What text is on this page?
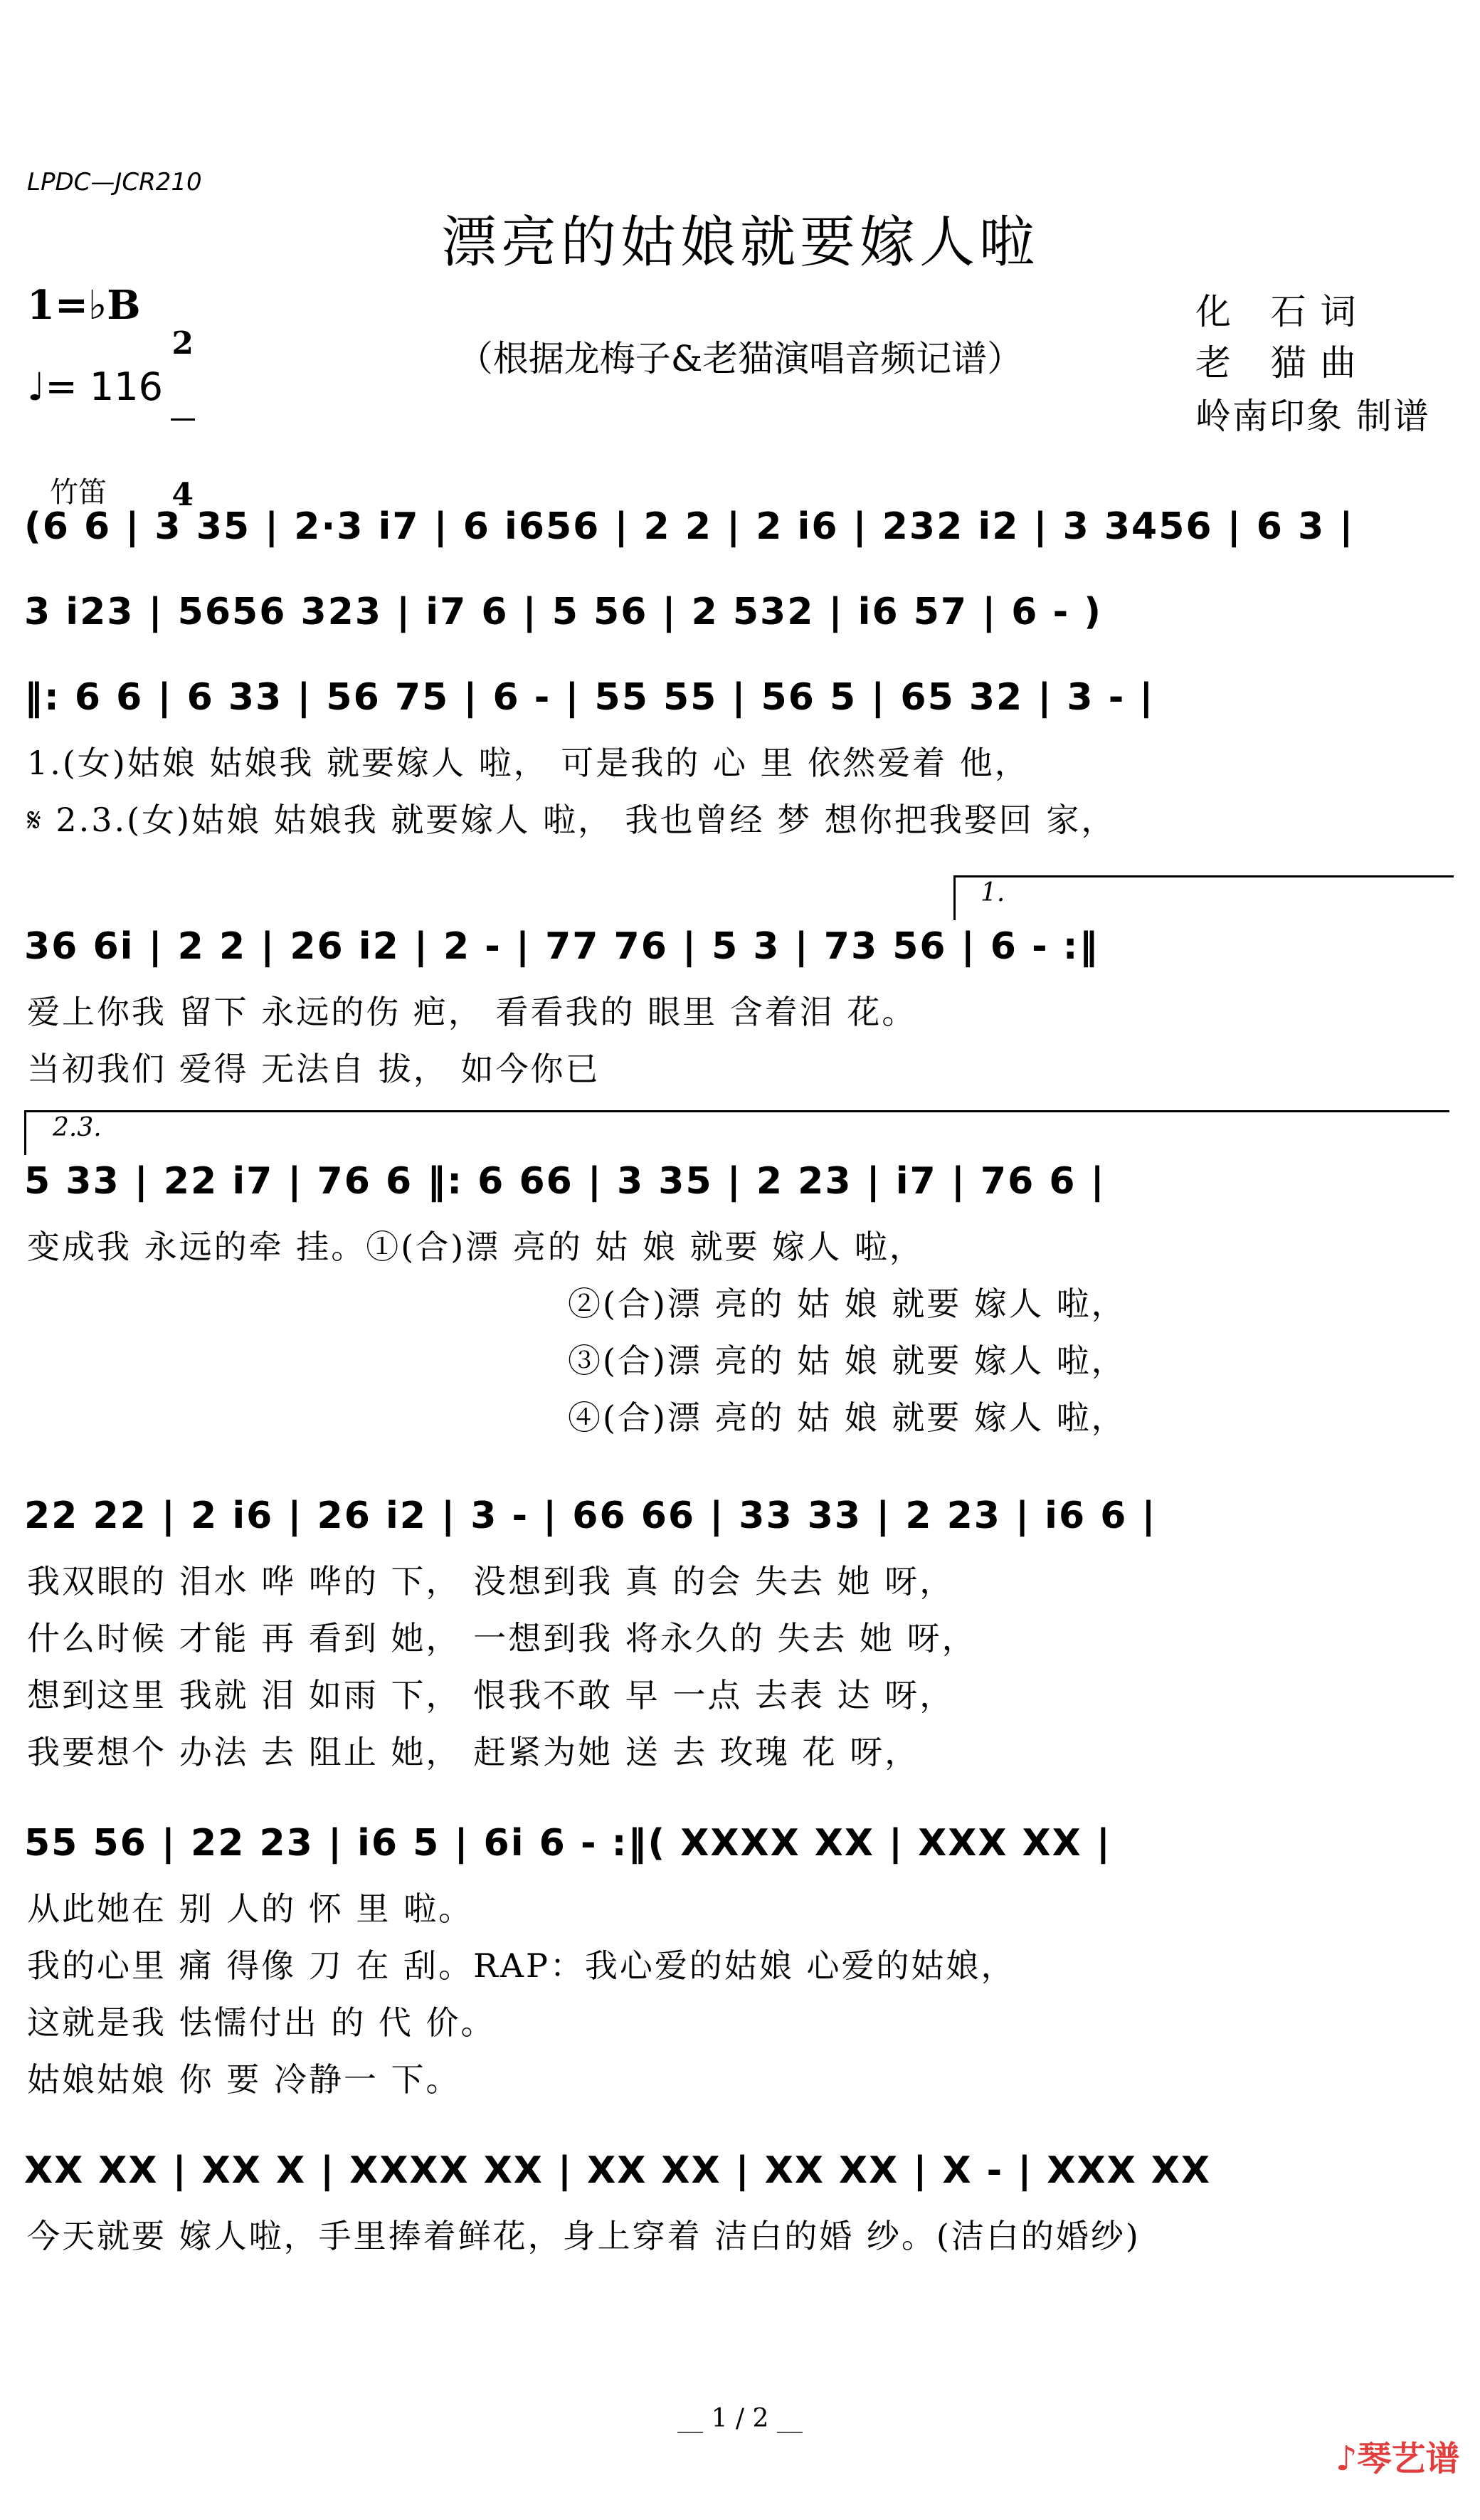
LPDC—JCR210
漂亮的姑娘就要嫁人啦
1=♭B

2

4

♩= 116
（根据龙梅子&老猫演唱音频记谱）
化   石 词
老   猫 曲
岭南印象 制谱
竹笛
(6 6 | 3 35 | 2·3 i7 | 6 i656 | 2 2 | 2 i6 | 232 i2 | 3 3456 | 6 3 |
3 i23 | 5656 323 | i7 6 | 5 56 | 2 532 | i6 57 | 6 - )
‖: 6 6 | 6 33 | 56 75 | 6 - | 55 55 | 56 5 | 65 32 | 3 - |
1.(女)姑娘 姑娘我 就要嫁人 啦， 可是我的 心 里 依然爱着 他，
𝄋 2.3.(女)姑娘 姑娘我 就要嫁人 啦， 我也曾经 梦 想你把我娶回 家，
36 6i | 2 2 | 26 i2 | 2 - | 77 76 | 5 3 | 73 56 | 6 - :‖
1.
爱上你我 留下 永远的伤 疤， 看看我的 眼里 含着泪 花。
当初我们 爱得 无法自 拔， 如今你已
5 33 | 22 i7 | 76 6 ‖: 6 66 | 3 35 | 2 23 | i7 | 76 6 |
2.3.
变成我 永远的牵 挂。①(合)漂 亮的 姑 娘 就要 嫁人 啦，
②(合)漂 亮的 姑 娘 就要 嫁人 啦，
③(合)漂 亮的 姑 娘 就要 嫁人 啦，
④(合)漂 亮的 姑 娘 就要 嫁人 啦，
22 22 | 2 i6 | 26 i2 | 3 - | 66 66 | 33 33 | 2 23 | i6 6 |
我双眼的 泪水 哗 哗的 下， 没想到我 真 的会 失去 她 呀，
什么时候 才能 再 看到 她， 一想到我 将永久的 失去 她 呀，
想到这里 我就 泪 如雨 下， 恨我不敢 早 一点 去表 达 呀，
我要想个 办法 去 阻止 她， 赶紧为她 送 去 玫瑰 花 呀，
55 56 | 22 23 | i6 5 | 6i 6 - :‖( XXXX XX | XXX XX |
从此她在 别 人的 怀 里 啦。
我的心里 痛 得像 刀 在 刮。RAP：我心爱的姑娘 心爱的姑娘，
这就是我 怯懦付出 的 代 价。
姑娘姑娘 你 要 冷静一 下。
XX XX | XX X | XXXX XX | XX XX | XX XX | X - | XXX XX
今天就要 嫁人啦，手里捧着鲜花，身上穿着 洁白的婚 纱。(洁白的婚纱)
__ 1 / 2 __

♪琴艺谱
